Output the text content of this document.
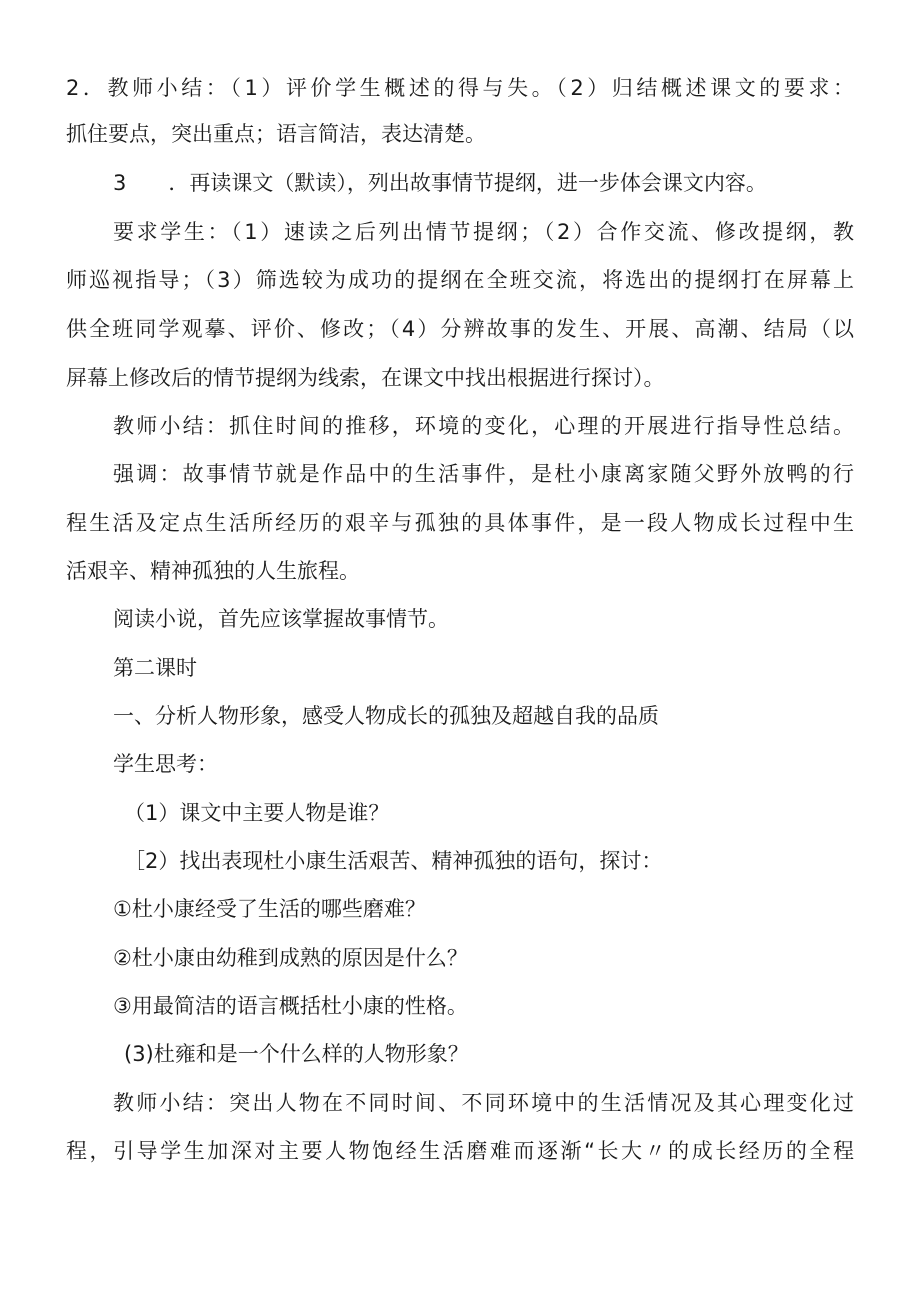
2．教师小结：（1）评价学生概述的得与失。（2）归结概述课文的要求：

抓住要点，突出重点；语言简洁，表达清楚。

3　　．再读课文（默读），列出故事情节提纲，进一步体会课文内容。

要求学生：（1）速读之后列出情节提纲；（2）合作交流、修改提纲，教

师巡视指导；（3）筛选较为成功的提纲在全班交流，将选出的提纲打在屏幕上

供全班同学观摹、评价、修改；（4）分辨故事的发生、开展、高潮、结局（以

屏幕上修改后的情节提纲为线索，在课文中找出根据进行探讨）。

教师小结：抓住时间的推移，环境的变化，心理的开展进行指导性总结。

强调：故事情节就是作品中的生活事件，是杜小康离家随父野外放鸭的行

程生活及定点生活所经历的艰辛与孤独的具体事件，是一段人物成长过程中生

活艰辛、精神孤独的人生旅程。

阅读小说，首先应该掌握故事情节。

第二课时

一、分析人物形象，感受人物成长的孤独及超越自我的品质

学生思考：

（1）课文中主要人物是谁？

［2）找出表现杜小康生活艰苦、精神孤独的语句，探讨：

①杜小康经受了生活的哪些磨难？

②杜小康由幼稚到成熟的原因是什么？

③用最简洁的语言概括杜小康的性格。

(3)杜雍和是一个什么样的人物形象？

教师小结：突出人物在不同时间、不同环境中的生活情况及其心理变化过

程，引导学生加深对主要人物饱经生活磨难而逐渐“长大〃的成长经历的全程
